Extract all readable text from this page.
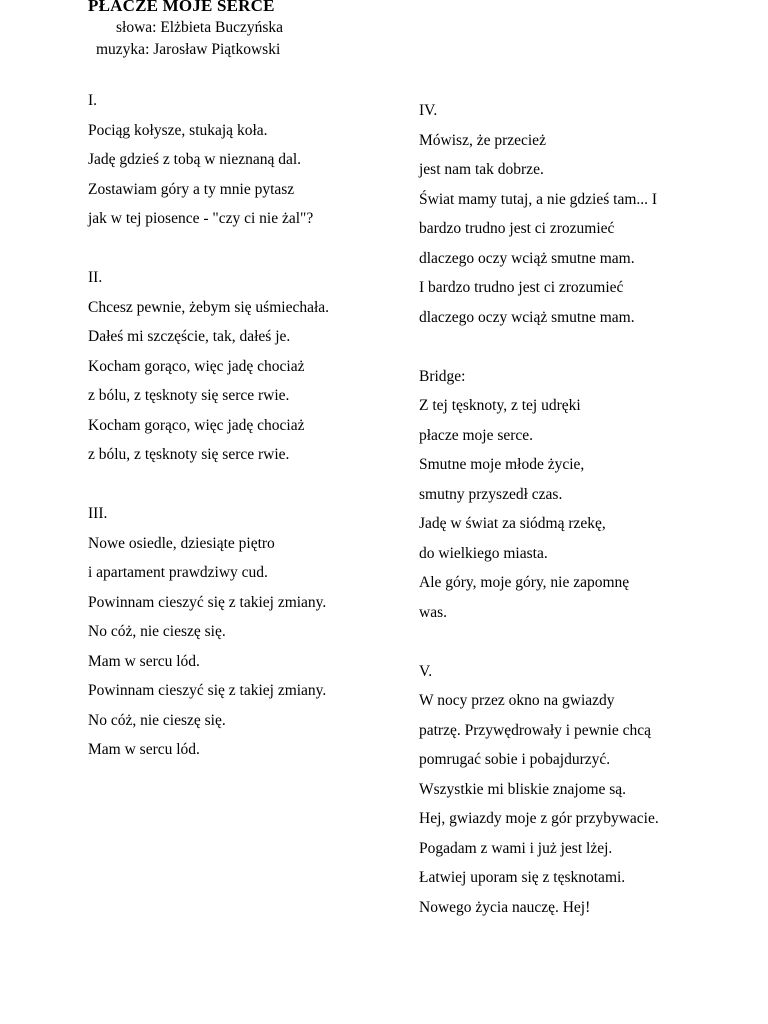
PŁACZE MOJE SERCE
słowa: Elżbieta Buczyńska
muzyka: Jarosław Piątkowski
I.
Pociąg kołysze, stukają koła.
Jadę gdzieś z tobą w nieznaną dal.
Zostawiam góry a ty mnie pytasz
jak w tej piosence - "czy ci nie żal"?
II.
Chcesz pewnie, żebym się uśmiechała.
Dałeś mi szczęście, tak, dałeś je.
Kocham gorąco, więc jadę chociaż
z bólu, z tęsknoty się serce rwie.
Kocham gorąco, więc jadę chociaż
z bólu, z tęsknoty się serce rwie.
III.
Nowe osiedle, dziesiąte piętro
i apartament prawdziwy cud.
Powinnam cieszyć się z takiej zmiany.
No cóż, nie cieszę się.
Mam w sercu lód.
Powinnam cieszyć się z takiej zmiany.
No cóż, nie cieszę się.
Mam w sercu lód.
IV.
Mówisz, że przecież
jest nam tak dobrze.
Świat mamy tutaj, a nie gdzieś tam... I
bardzo trudno jest ci zrozumieć
dlaczego oczy wciąż smutne mam.
I bardzo trudno jest ci zrozumieć
dlaczego oczy wciąż smutne mam.
Bridge:
Z tej tęsknoty, z tej udręki
płacze moje serce.
Smutne moje młode życie,
smutny przyszedł czas.
Jadę w świat za siódmą rzekę,
do wielkiego miasta.
Ale góry, moje góry, nie zapomnę
was.
V.
W nocy przez okno na gwiazdy
patrzę. Przywędrowały i pewnie chcą
pomrugać sobie i pobajdurzyć.
Wszystkie mi bliskie znajome są.
Hej, gwiazdy moje z gór przybywacie.
Pogadam z wami i już jest lżej.
Łatwiej uporam się z tęsknotami.
Nowego życia nauczę. Hej!
